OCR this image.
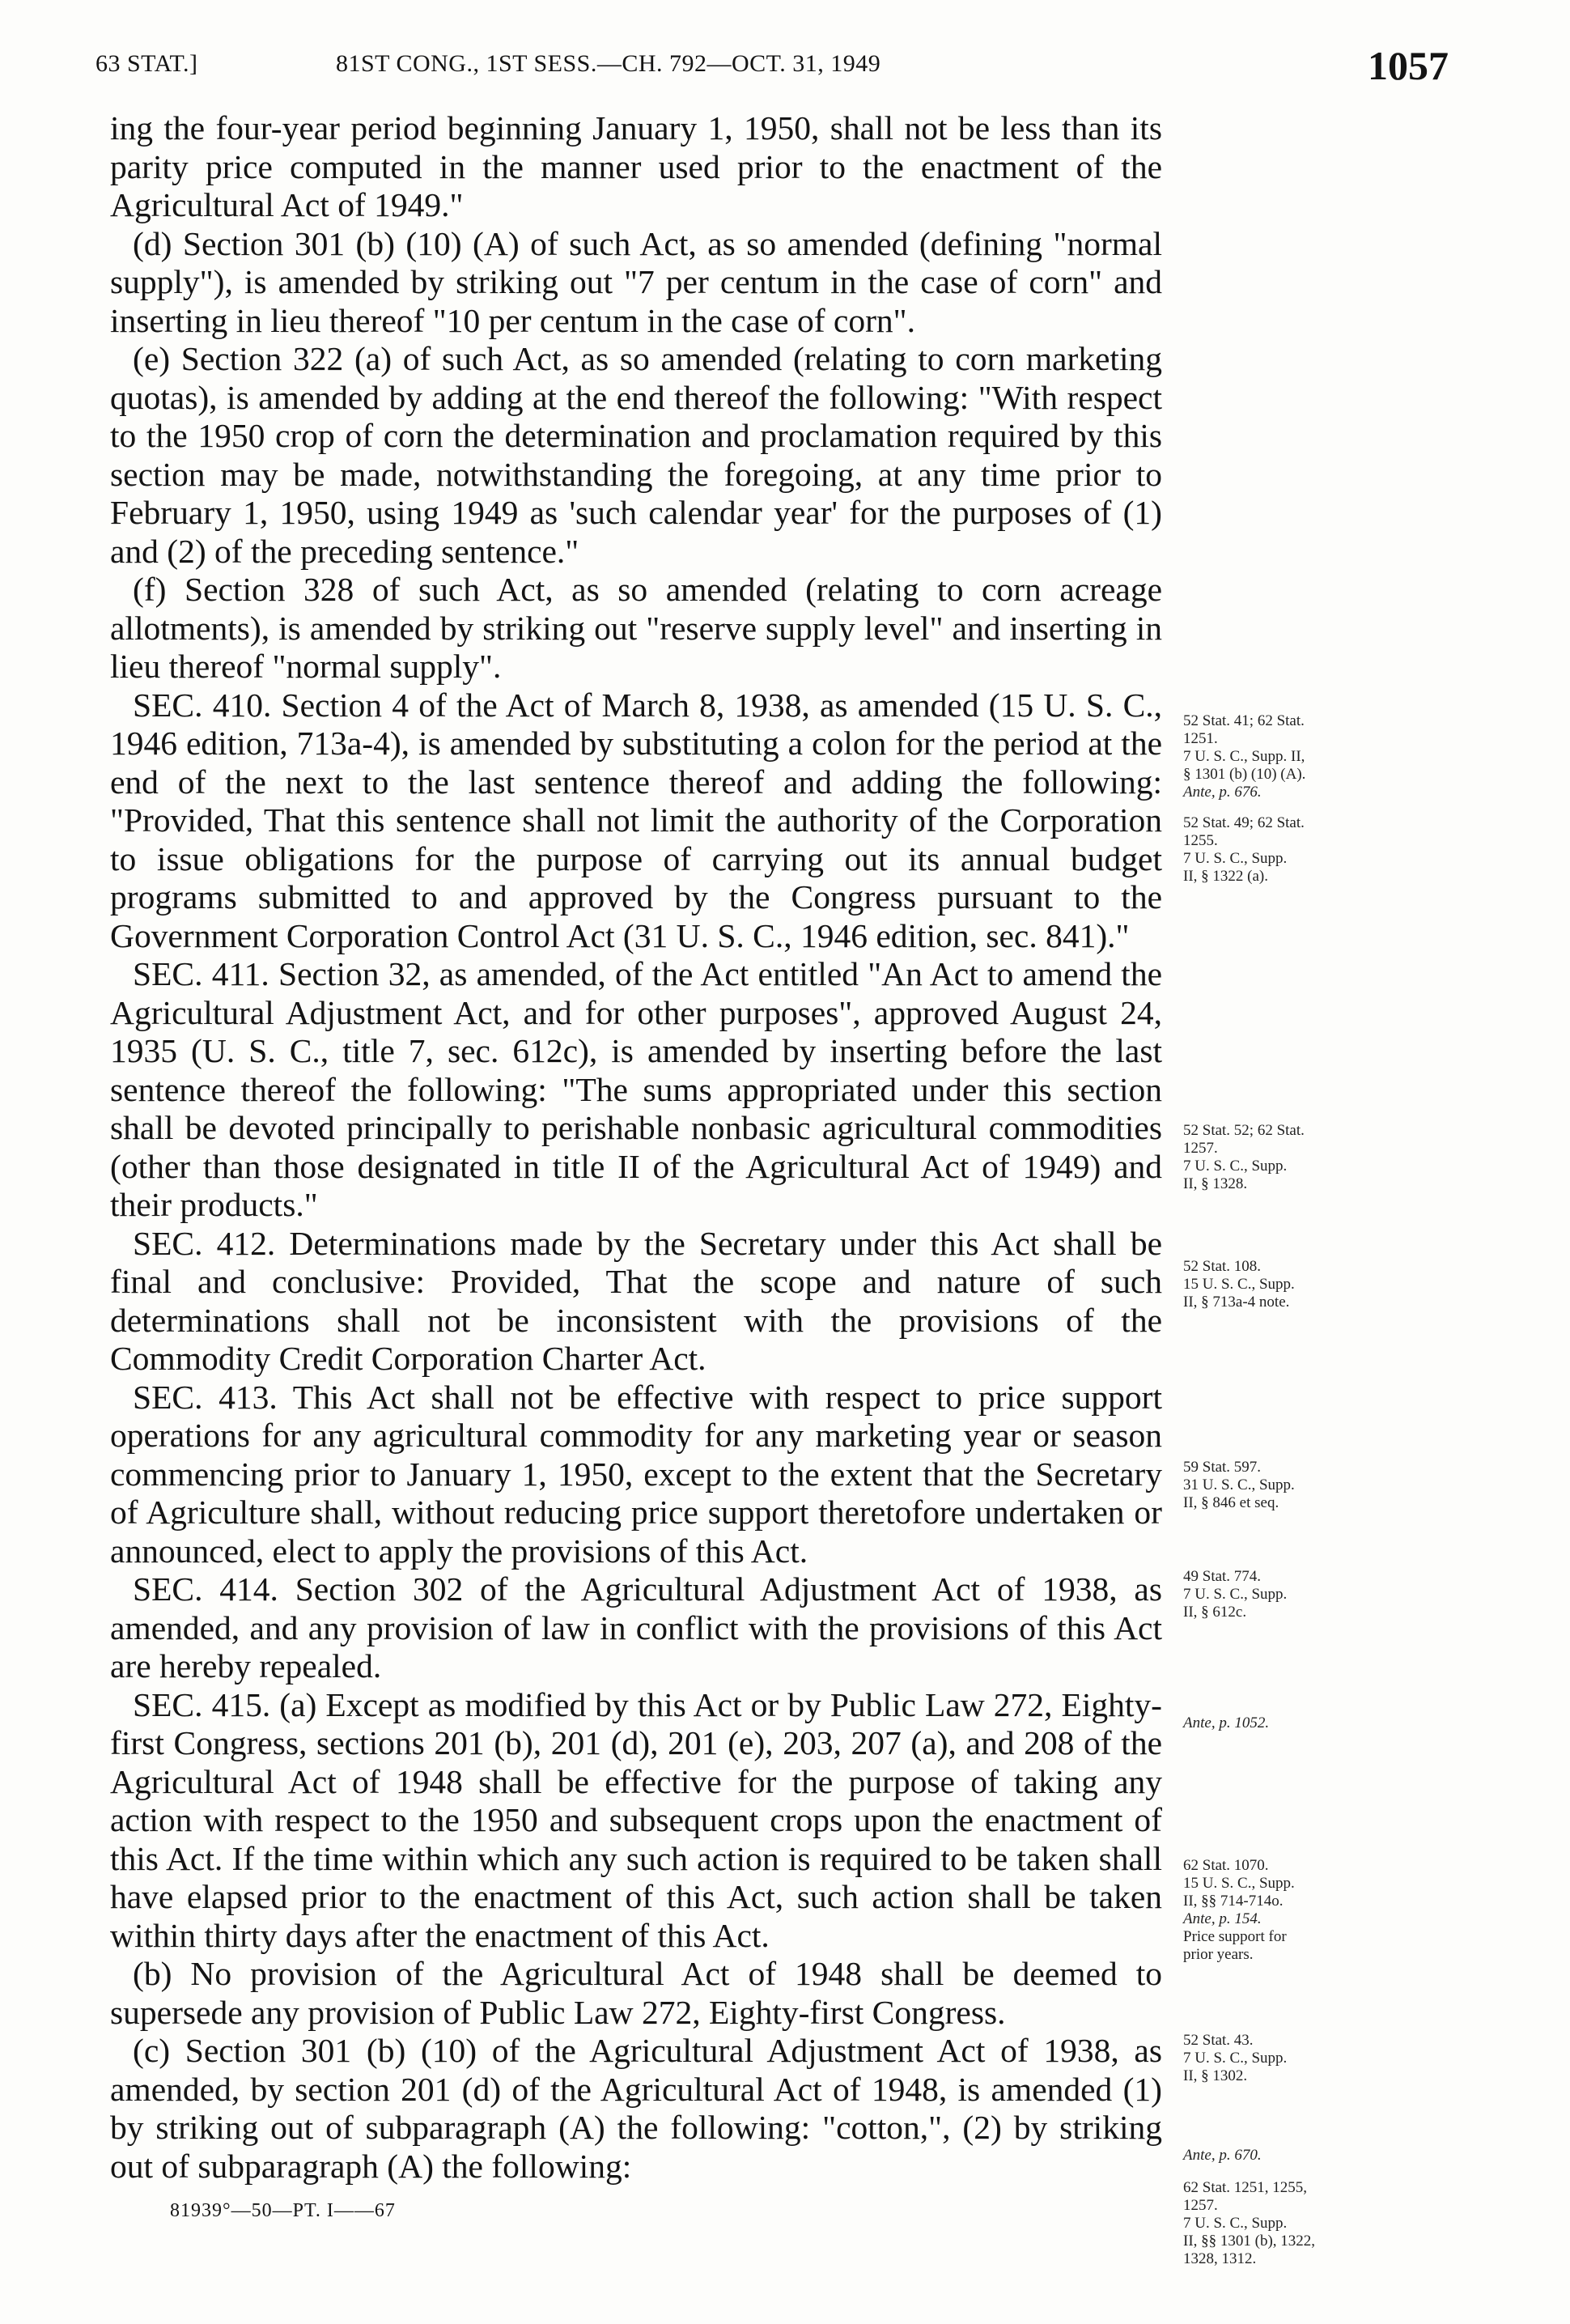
63 STAT.]	81ST CONG., 1ST SESS.—CH. 792—OCT. 31, 1949	1057

ing the four-year period beginning January 1, 1950, shall not be less than its parity price computed in the manner used prior to the enactment of the Agricultural Act of 1949."

(d) Section 301 (b) (10) (A) of such Act, as so amended (defining "normal supply"), is amended by striking out "7 per centum in the case of corn" and inserting in lieu thereof "10 per centum in the case of corn".

(e) Section 322 (a) of such Act, as so amended (relating to corn marketing quotas), is amended by adding at the end thereof the following: "With respect to the 1950 crop of corn the determination and proclamation required by this section may be made, notwithstanding the foregoing, at any time prior to February 1, 1950, using 1949 as 'such calendar year' for the purposes of (1) and (2) of the preceding sentence."

(f) Section 328 of such Act, as so amended (relating to corn acreage allotments), is amended by striking out "reserve supply level" and inserting in lieu thereof "normal supply".

SEC. 410. Section 4 of the Act of March 8, 1938, as amended (15 U. S. C., 1946 edition, 713a-4), is amended by substituting a colon for the period at the end of the next to the last sentence thereof and adding the following: "Provided, That this sentence shall not limit the authority of the Corporation to issue obligations for the purpose of carrying out its annual budget programs submitted to and approved by the Congress pursuant to the Government Corporation Control Act (31 U. S. C., 1946 edition, sec. 841)."

SEC. 411. Section 32, as amended, of the Act entitled "An Act to amend the Agricultural Adjustment Act, and for other purposes", approved August 24, 1935 (U. S. C., title 7, sec. 612c), is amended by inserting before the last sentence thereof the following: "The sums appropriated under this section shall be devoted principally to perishable nonbasic agricultural commodities (other than those designated in title II of the Agricultural Act of 1949) and their products."

SEC. 412. Determinations made by the Secretary under this Act shall be final and conclusive: Provided, That the scope and nature of such determinations shall not be inconsistent with the provisions of the Commodity Credit Corporation Charter Act.

SEC. 413. This Act shall not be effective with respect to price support operations for any agricultural commodity for any marketing year or season commencing prior to January 1, 1950, except to the extent that the Secretary of Agriculture shall, without reducing price support theretofore undertaken or announced, elect to apply the provisions of this Act.

SEC. 414. Section 302 of the Agricultural Adjustment Act of 1938, as amended, and any provision of law in conflict with the provisions of this Act are hereby repealed.

SEC. 415. (a) Except as modified by this Act or by Public Law 272, Eighty-first Congress, sections 201 (b), 201 (d), 201 (e), 203, 207 (a), and 208 of the Agricultural Act of 1948 shall be effective for the purpose of taking any action with respect to the 1950 and subsequent crops upon the enactment of this Act. If the time within which any such action is required to be taken shall have elapsed prior to the enactment of this Act, such action shall be taken within thirty days after the enactment of this Act.

(b) No provision of the Agricultural Act of 1948 shall be deemed to supersede any provision of Public Law 272, Eighty-first Congress.

(c) Section 301 (b) (10) of the Agricultural Adjustment Act of 1938, as amended, by section 201 (d) of the Agricultural Act of 1948, is amended (1) by striking out of subparagraph (A) the following: "cotton,", (2) by striking out of subparagraph (A) the following:

52 Stat. 41; 62 Stat.
1251.
7 U. S. C., Supp. II,
§ 1301 (b) (10) (A).
Ante, p. 676.
52 Stat. 49; 62 Stat.
1255.
7 U. S. C., Supp.
II, § 1322 (a).
52 Stat. 52; 62 Stat.
1257.
7 U. S. C., Supp.
II, § 1328.
52 Stat. 108.
15 U. S. C., Supp.
II, § 713a-4 note.
59 Stat. 597.
31 U. S. C., Supp.
II, § 846 et seq.
49 Stat. 774.
7 U. S. C., Supp.
II, § 612c.
Ante, p. 1052.
62 Stat. 1070.
15 U. S. C., Supp.
II, §§ 714-714o.
Ante, p. 154.
Price support for
prior years.
52 Stat. 43.
7 U. S. C., Supp.
II, § 1302.
Ante, p. 670.
62 Stat. 1251, 1255,
1257.
7 U. S. C., Supp.
II, §§ 1301 (b), 1322,
1328, 1312.
81939°—50—PT. I——67
